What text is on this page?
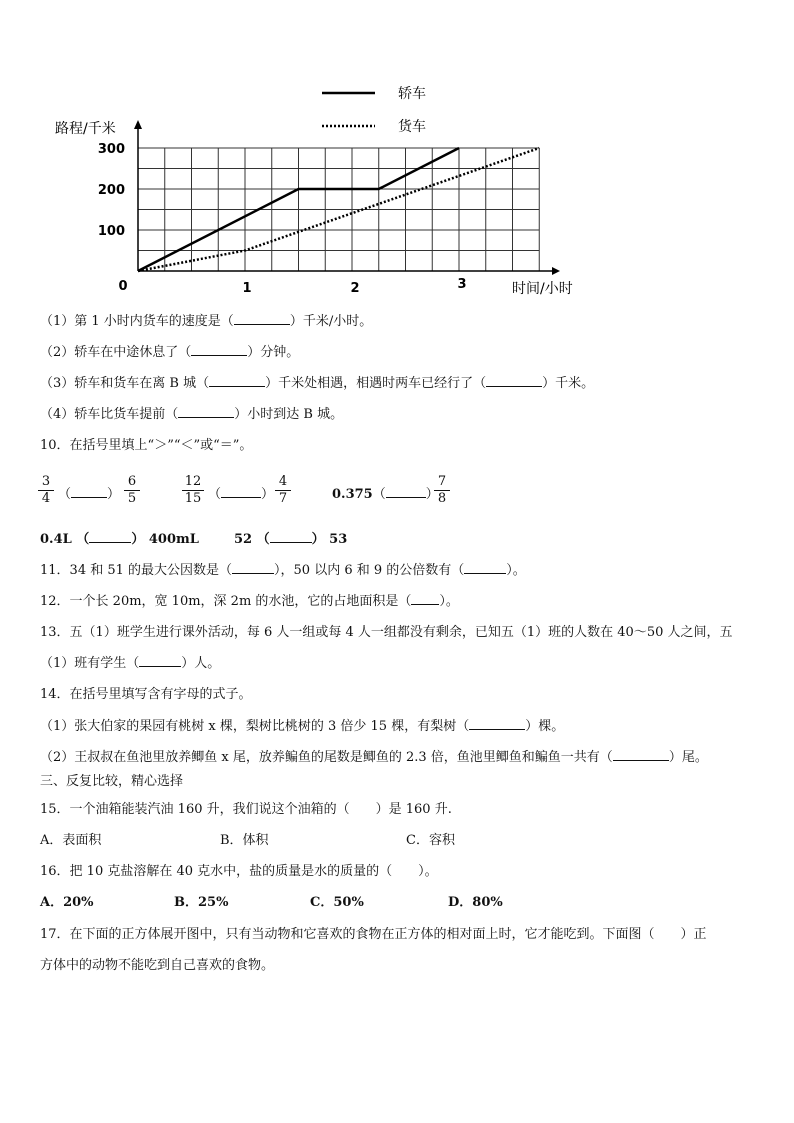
300
200
100
0	1	2	3
路程/千米
时间/小时
轿车
货车
（1）第 1 小时内货车的速度是（	）千米/小时。
（2）轿车在中途休息了（	）分钟。
（3）轿车和货车在离 B 城（	）千米处相遇，相遇时两车已经行了（	）千米。
（4）轿车比货车提前（	）小时到达 B 城。
10．在括号里填上“＞”“＜”或“＝”。
$\frac{3}{4}$ （	） $\frac{6}{5}$	$\frac{12}{15}$ （	） $\frac{4}{7}$	0.375（	）
$\frac{7}{8}$
0.4L （	） 400mL	52 （	） 53
11．34 和 51 的最大公因数是（	），50 以内 6 和 9 的公倍数有（	）。
12．一个长 20m，宽 10m，深 2m 的水池，它的占地面积是（ ）。
13．五（1）班学生进行课外活动，每 6 人一组或每 4 人一组都没有剩余，已知五（1）班的人数在 40～50 人之间，五
（1）班有学生（	）人。
14．在括号里填写含有字母的式子。
（1）张大伯家的果园有桃树 x 棵，梨树比桃树的 3 倍少 15 棵，有梨树（	）棵。
（2）王叔叔在鱼池里放养鲫鱼 x 尾，放养鳊鱼的尾数是鲫鱼的 2.3 倍，鱼池里鲫鱼和鳊鱼一共有（	）尾。
三、反复比较，精心选择
15．一个油箱能装汽油 160 升，我们说这个油箱的（　　）是 160 升.
A．表面积	B．体积	C．容积
16．把 10 克盐溶解在 40 克水中，盐的质量是水的质量的（　　）。
A．20%	B．25%	C．50%	D．80%
17．在下面的正方体展开图中，只有当动物和它喜欢的食物在正方体的相对面上时，它才能吃到。下面图（　　）正
方体中的动物不能吃到自己喜欢的食物。
